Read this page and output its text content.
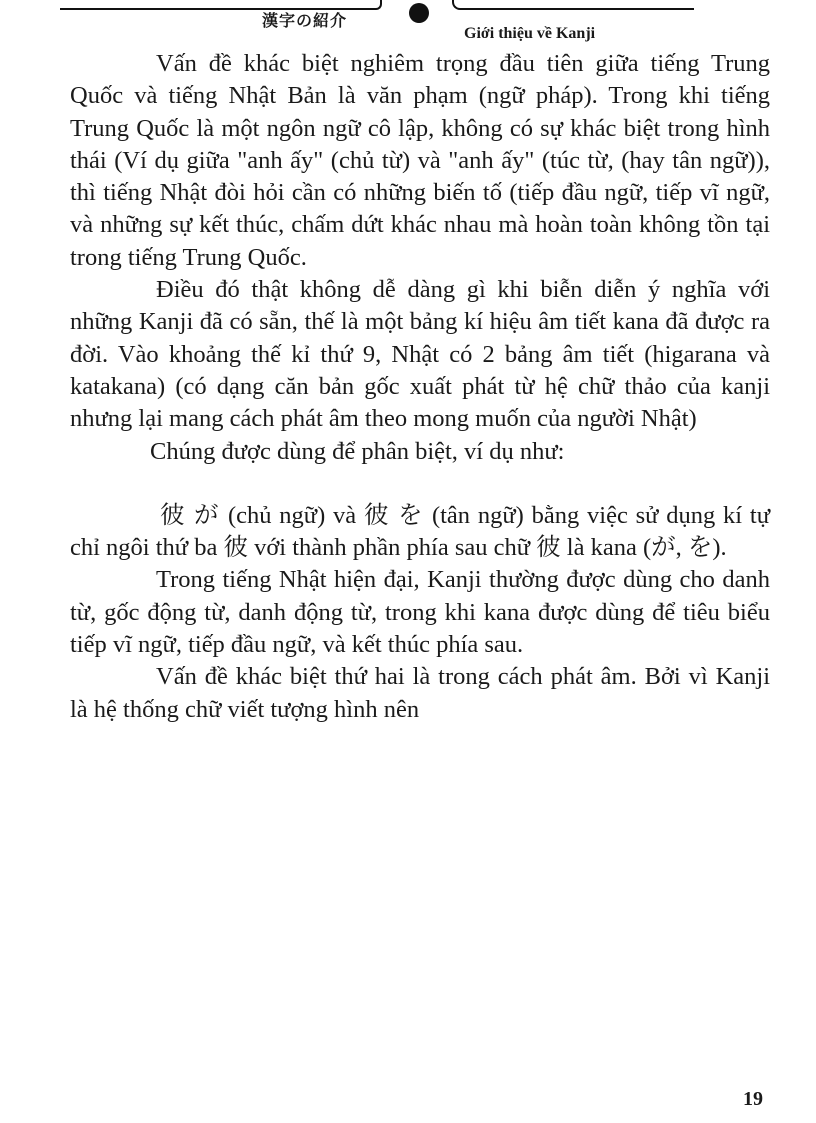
漢字の紹介
Giới thiệu về Kanji

Vấn đề khác biệt nghiêm trọng đầu tiên giữa tiếng Trung Quốc và tiếng Nhật Bản là văn phạm (ngữ pháp). Trong khi tiếng Trung Quốc là một ngôn ngữ cô lập, không có sự khác biệt trong hình thái (Ví dụ giữa "anh ấy" (chủ từ) và "anh ấy" (túc từ, (hay tân ngữ)), thì tiếng Nhật đòi hỏi cần có những biến tố (tiếp đầu ngữ, tiếp vĩ ngữ, và những sự kết thúc, chấm dứt khác nhau mà hoàn toàn không tồn tại trong tiếng Trung Quốc.

Điều đó thật không dễ dàng gì khi biễn diễn ý nghĩa với những Kanji đã có sẵn, thế là một bảng kí hiệu âm tiết kana đã được ra đời. Vào khoảng thế kỉ thứ 9, Nhật có 2 bảng âm tiết (higarana và katakana) (có dạng căn bản gốc xuất phát từ hệ chữ thảo của kanji nhưng lại mang cách phát âm theo mong muốn của người Nhật)

Chúng được dùng để phân biệt, ví dụ như:

彼 が (chủ ngữ) và 彼 を (tân ngữ) bằng việc sử dụng kí tự chỉ ngôi thứ ba 彼 với thành phần phía sau chữ 彼 là kana (が, を).

Trong tiếng Nhật hiện đại, Kanji thường được dùng cho danh từ, gốc động từ, danh động từ, trong khi kana được dùng để tiêu biểu tiếp vĩ ngữ, tiếp đầu ngữ, và kết thúc phía sau.

Vấn đề khác biệt thứ hai là trong cách phát âm. Bởi vì Kanji là hệ thống chữ viết tượng hình nên

19
